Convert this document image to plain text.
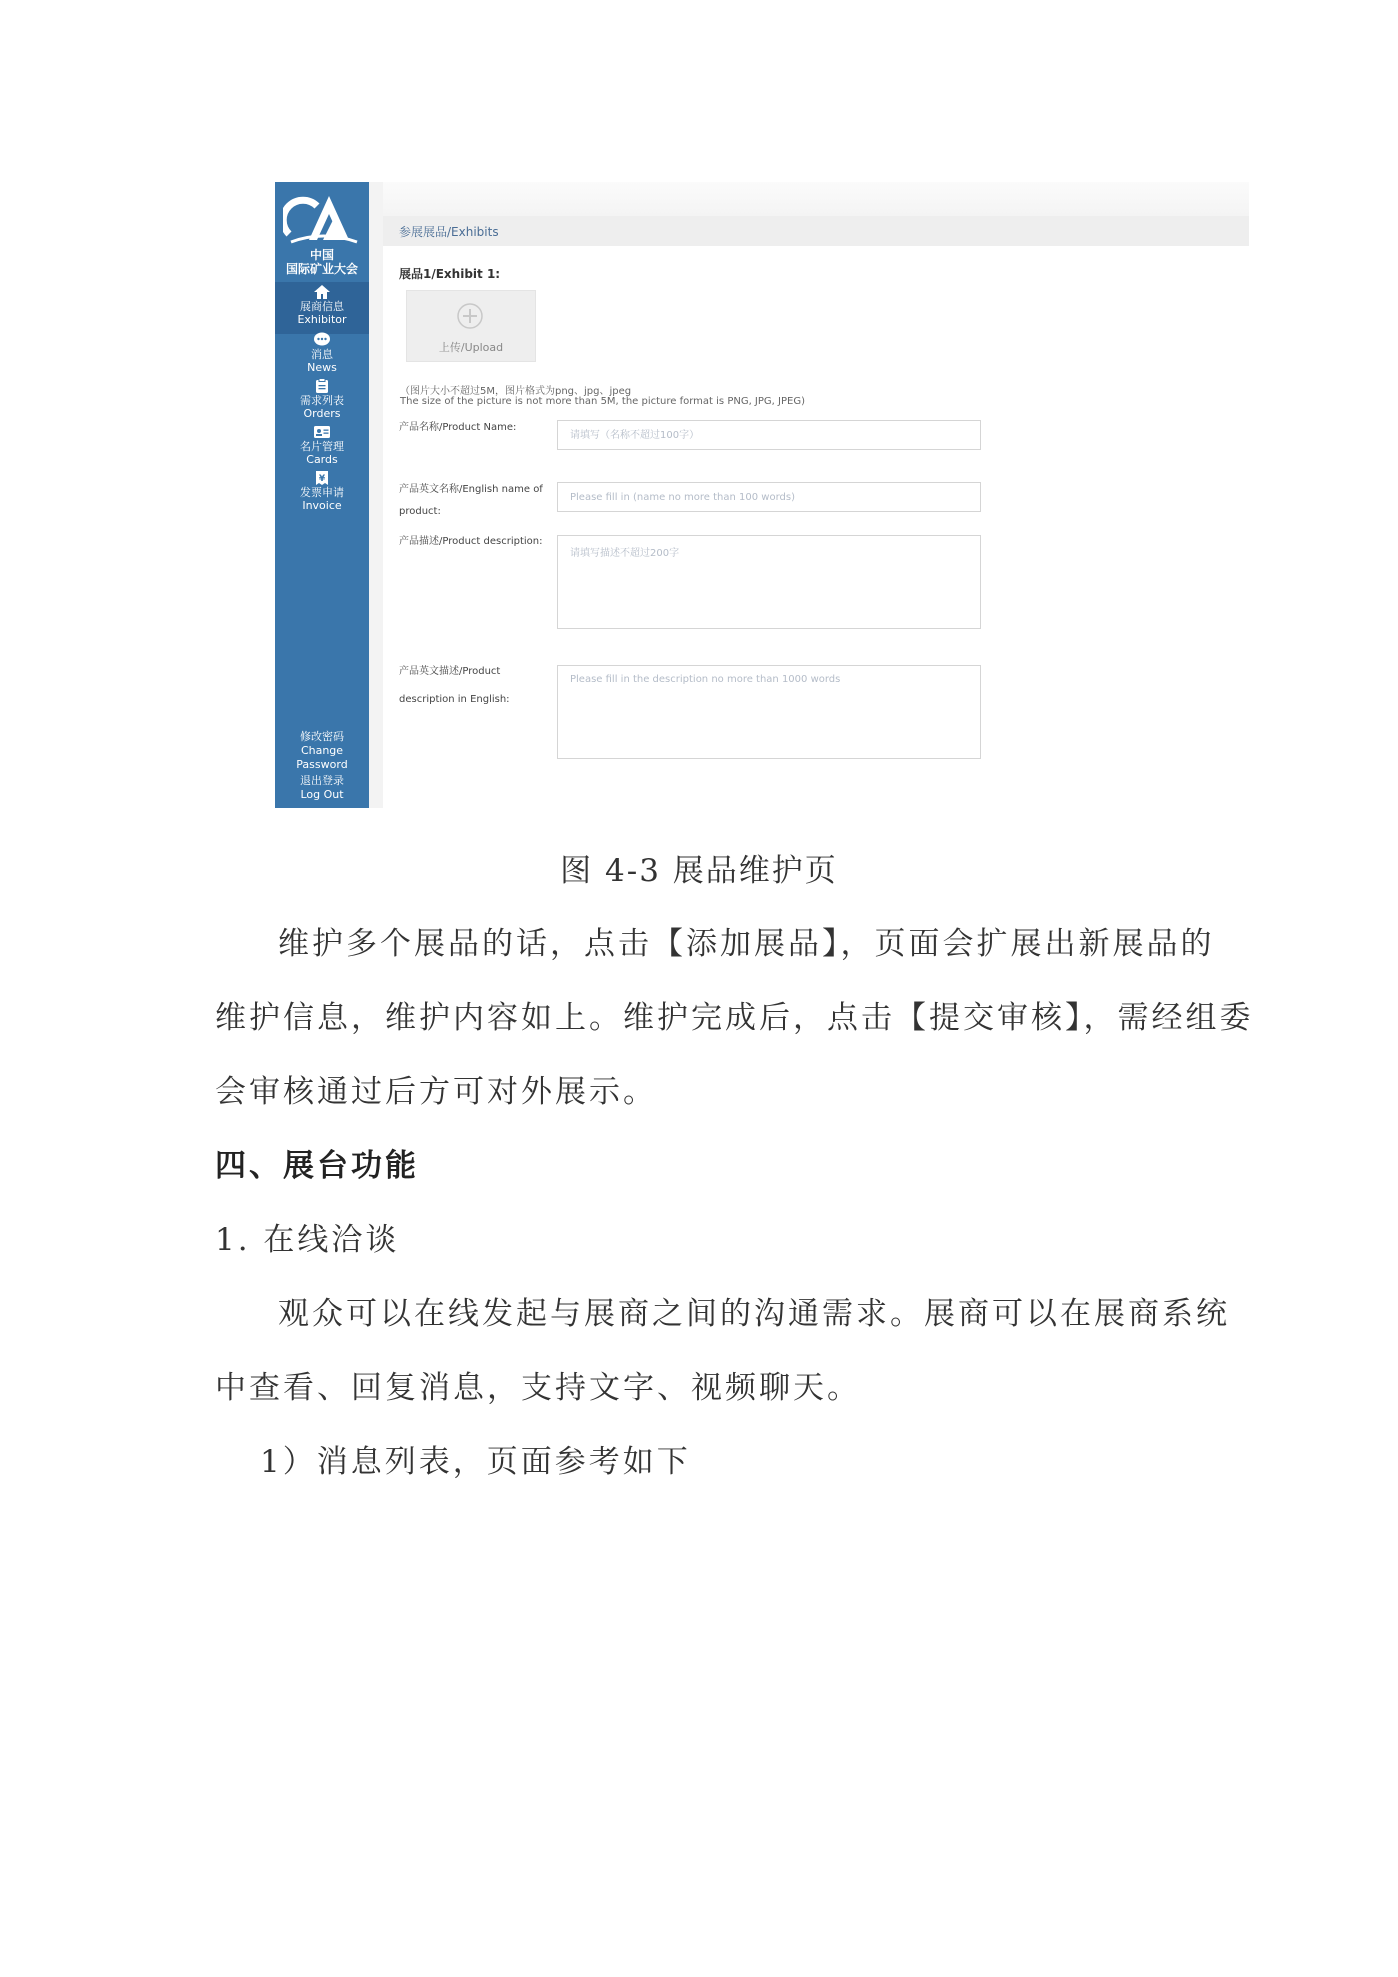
中国
国际矿业大会
展商信息
Exhibitor
消息
News
需求列表
Orders
名片管理
Cards
¥
发票申请
Invoice
修改密码
Change
Password
退出登录
Log Out
参展展品/Exhibits
展品1/Exhibit 1:
上传/Upload
（图片大小不超过5M，图片格式为png、jpg、jpeg
The size of the picture is not more than 5M, the picture format is PNG, JPG, JPEG)
产品名称/Product Name:
请填写（名称不超过100字）
产品英文名称/English name of
product:
Please fill in (name no more than 100 words)
产品描述/Product description:
请填写描述不超过200字
产品英文描述/Product
description in English:
Please fill in the description no more than 1000 words
图 4-3 展品维护页
维护多个展品的话，点击【添加展品】，页面会扩展出新展品的
维护信息，维护内容如上。维护完成后，点击【提交审核】，需经组委
会审核通过后方可对外展示。
四、展台功能
1. 在线洽谈
观众可以在线发起与展商之间的沟通需求。展商可以在展商系统
中查看、回复消息，支持文字、视频聊天。
1）消息列表，页面参考如下
